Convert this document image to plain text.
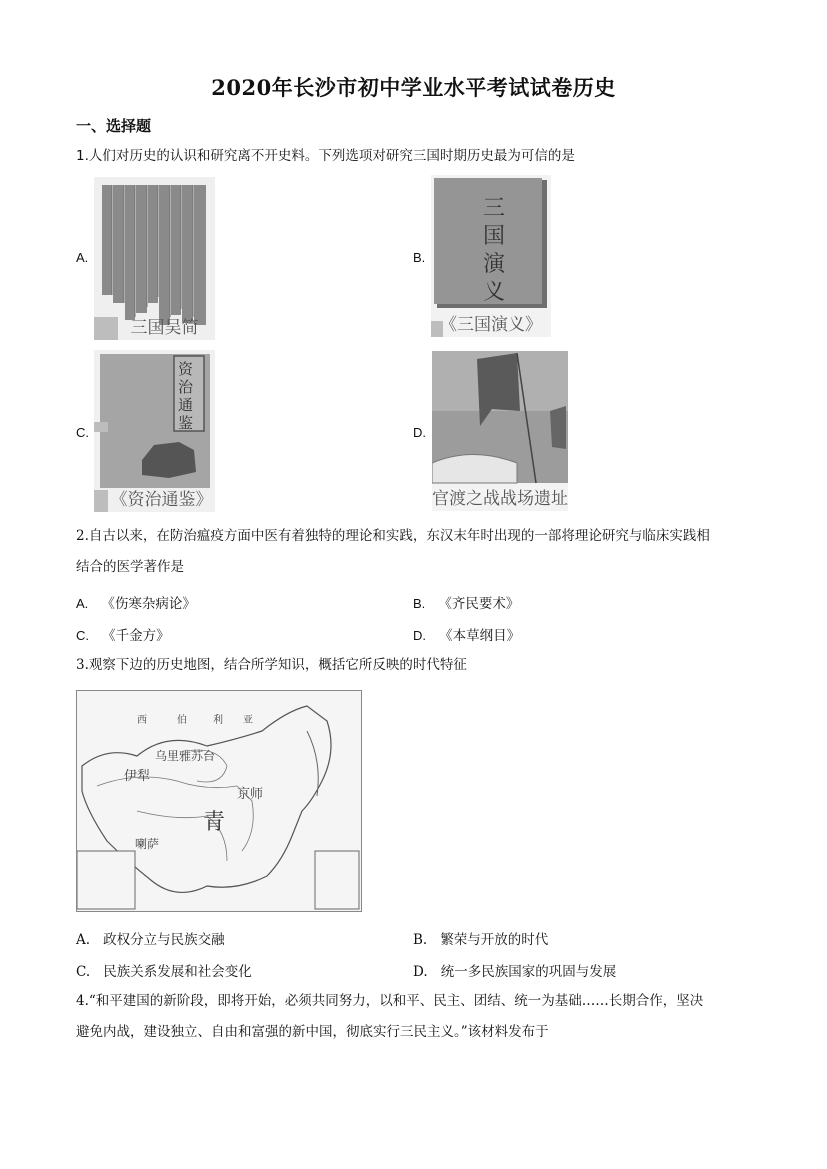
2020年长沙市初中学业水平考试试卷历史
一、选择题
1.人们对历史的认识和研究离不开史料。下列选项对研究三国时期历史最为可信的是
A.
三国吴简
B.
三
国
演
义
《三国演义》
C.
资
治
通
鉴
《资治通鉴》
D.
官渡之战战场遗址
2.自古以来，在防治瘟疫方面中医有着独特的理论和实践，东汉末年时出现的一部将理论研究与临床实践相
结合的医学著作是
A. 《伤寒杂病论》	B. 《齐民要术》
C. 《千金方》	D. 《本草纲目》
3.观察下边的历史地图，结合所学知识，概括它所反映的时代特征
西	伯	利 亚
乌里雅苏台
伊犁
京师
青
喇萨
A. 政权分立与民族交融	B. 繁荣与开放的时代
C. 民族关系发展和社会变化	D. 统一多民族国家的巩固与发展
4.“和平建国的新阶段，即将开始，必须共同努力，以和平、民主、团结、统一为基础……长期合作，坚决
避免内战，建设独立、自由和富强的新中国，彻底实行三民主义。”该材料发布于
